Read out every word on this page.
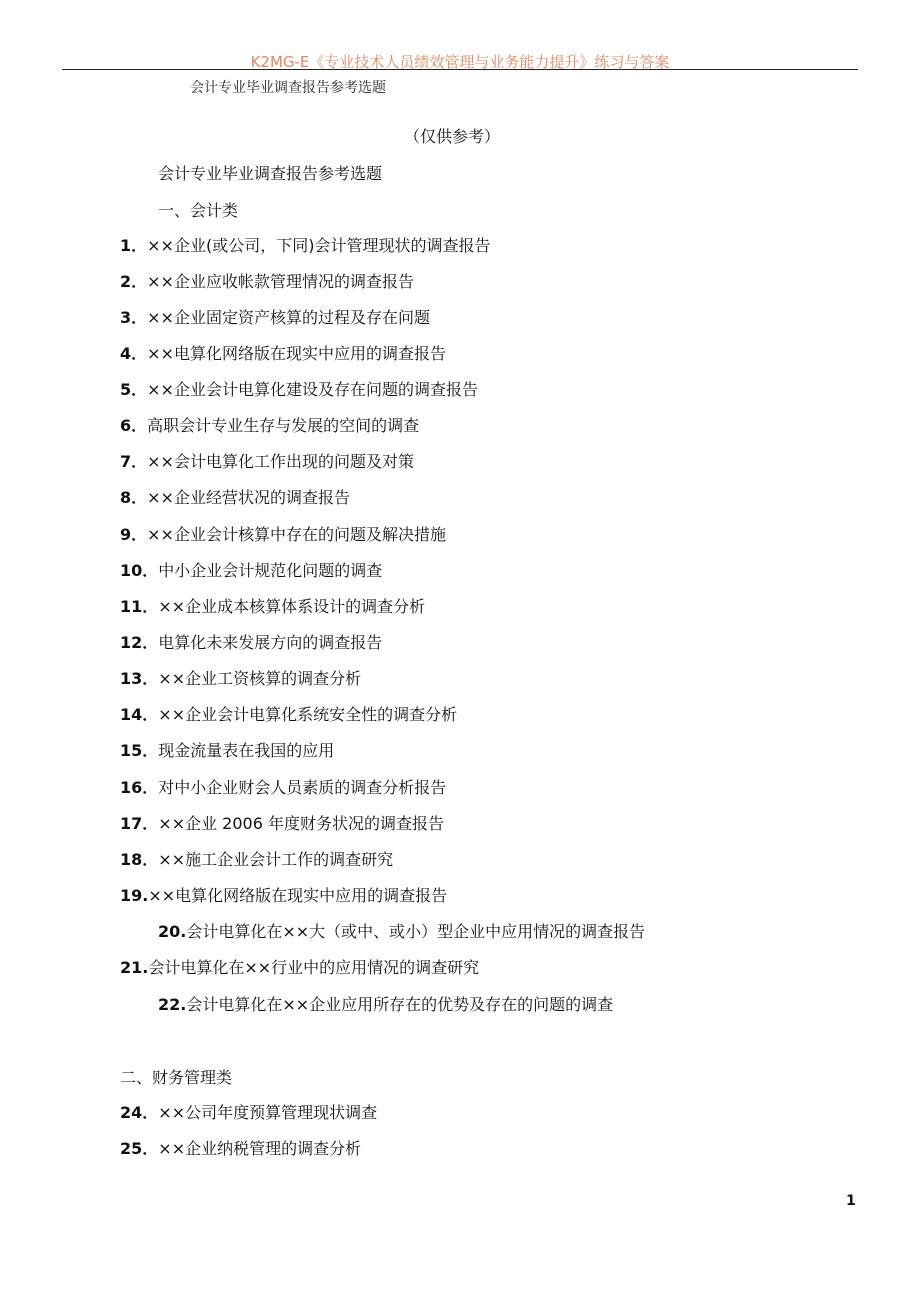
K2MG-E《专业技术人员绩效管理与业务能力提升》练习与答案
会计专业毕业调查报告参考选题
（仅供参考）
会计专业毕业调查报告参考选题
一、会计类
1．××企业(或公司，下同)会计管理现状的调查报告
2．××企业应收帐款管理情况的调查报告
3．××企业固定资产核算的过程及存在问题
4．××电算化网络版在现实中应用的调查报告
5．××企业会计电算化建设及存在问题的调查报告
6．高职会计专业生存与发展的空间的调查
7．××会计电算化工作出现的问题及对策
8．××企业经营状况的调查报告
9．××企业会计核算中存在的问题及解决措施
10．中小企业会计规范化问题的调查
11．××企业成本核算体系设计的调查分析
12．电算化未来发展方向的调查报告
13．××企业工资核算的调查分析
14．××企业会计电算化系统安全性的调查分析
15．现金流量表在我国的应用
16．对中小企业财会人员素质的调查分析报告
17．××企业 2006 年度财务状况的调查报告
18．××施工企业会计工作的调查研究
19.××电算化网络版在现实中应用的调查报告
20.会计电算化在××大（或中、或小）型企业中应用情况的调查报告
21.会计电算化在××行业中的应用情况的调查研究
22.会计电算化在××企业应用所存在的优势及存在的问题的调查
二、财务管理类
24．××公司年度预算管理现状调查
25．××企业纳税管理的调查分析
1
